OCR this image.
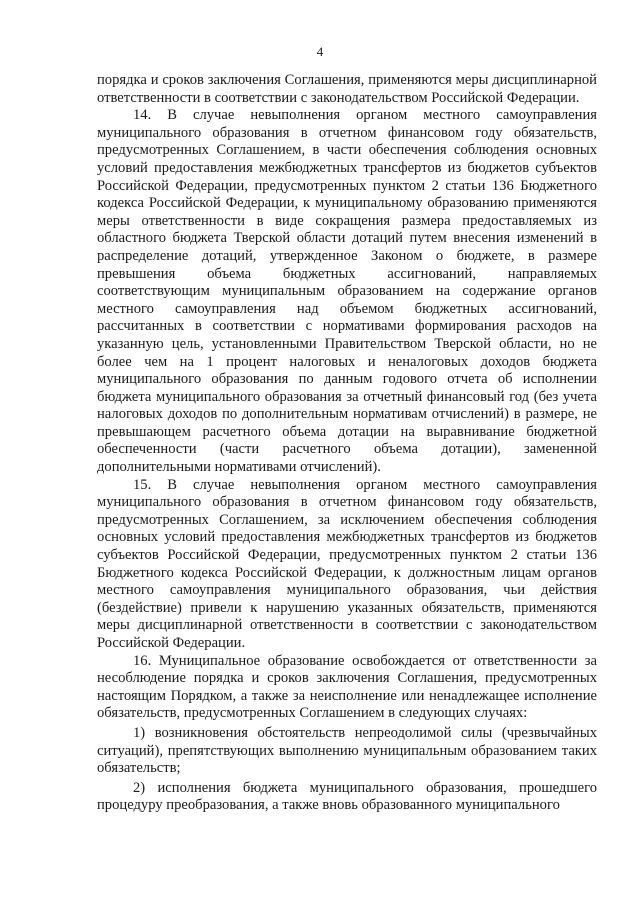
4

порядка и сроков заключения Соглашения, применяются меры дисциплинарной ответственности в соответствии с законодательством Российской Федерации.

14. В случае невыполнения органом местного самоуправления муниципального образования в отчетном финансовом году обязательств, предусмотренных Соглашением, в части обеспечения соблюдения основных условий предоставления межбюджетных трансфертов из бюджетов субъектов Российской Федерации, предусмотренных пунктом 2 статьи 136 Бюджетного кодекса Российской Федерации, к муниципальному образованию применяются меры ответственности в виде сокращения размера предоставляемых из областного бюджета Тверской области дотаций путем внесения изменений в распределение дотаций, утвержденное Законом о бюджете, в размере превышения объема бюджетных ассигнований, направляемых соответствующим муниципальным образованием на содержание органов местного самоуправления над объемом бюджетных ассигнований, рассчитанных в соответствии с нормативами формирования расходов на указанную цель, установленными Правительством Тверской области, но не более чем на 1 процент налоговых и неналоговых доходов бюджета муниципального образования по данным годового отчета об исполнении бюджета муниципального образования за отчетный финансовый год (без учета налоговых доходов по дополнительным нормативам отчислений) в размере, не превышающем расчетного объема дотации на выравнивание бюджетной обеспеченности (части расчетного объема дотации), замененной дополнительными нормативами отчислений).

15. В случае невыполнения органом местного самоуправления муниципального образования в отчетном финансовом году обязательств, предусмотренных Соглашением, за исключением обеспечения соблюдения основных условий предоставления межбюджетных трансфертов из бюджетов субъектов Российской Федерации, предусмотренных пунктом 2 статьи 136 Бюджетного кодекса Российской Федерации, к должностным лицам органов местного самоуправления муниципального образования, чьи действия (бездействие) привели к нарушению указанных обязательств, применяются меры дисциплинарной ответственности в соответствии с законодательством Российской Федерации.

16. Муниципальное образование освобождается от ответственности за несоблюдение порядка и сроков заключения Соглашения, предусмотренных настоящим Порядком, а также за неисполнение или ненадлежащее исполнение обязательств, предусмотренных Соглашением в следующих случаях:

1) возникновения обстоятельств непреодолимой силы (чрезвычайных ситуаций), препятствующих выполнению муниципальным образованием таких обязательств;

2) исполнения бюджета муниципального образования, прошедшего процедуру преобразования, а также вновь образованного муниципального
